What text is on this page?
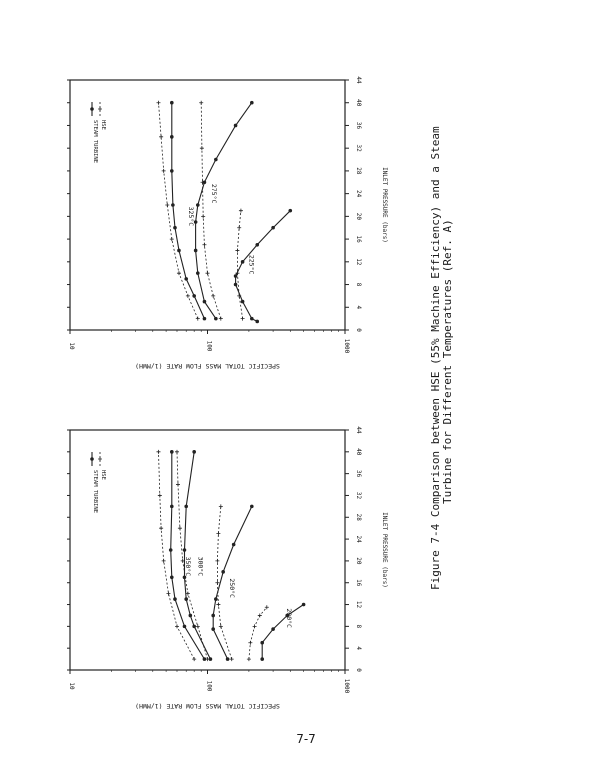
0
4
8
12
16
20
24
28
32
36
40
44
10	100	1000
INLET PRESSURE (bars)
SPECIFIC TOTAL MASS FLOW RATE (1/MWH)
200°C
250°C
300°C
350°C
STEAM TURBINE HSE
0
4
8
12
16
20
24
28
32
36
40
44
10	100	1000
INLET PRESSURE (bars)
SPECIFIC TOTAL MASS FLOW RATE (1/MWH)
225°C
275°C
325°C
STEAM TURBINE HSE
Figure 7-4 Comparison between HSE (55% Machine Efficiency) and a Steam Turbine for Different Temperatures (Ref. A)
7-7
